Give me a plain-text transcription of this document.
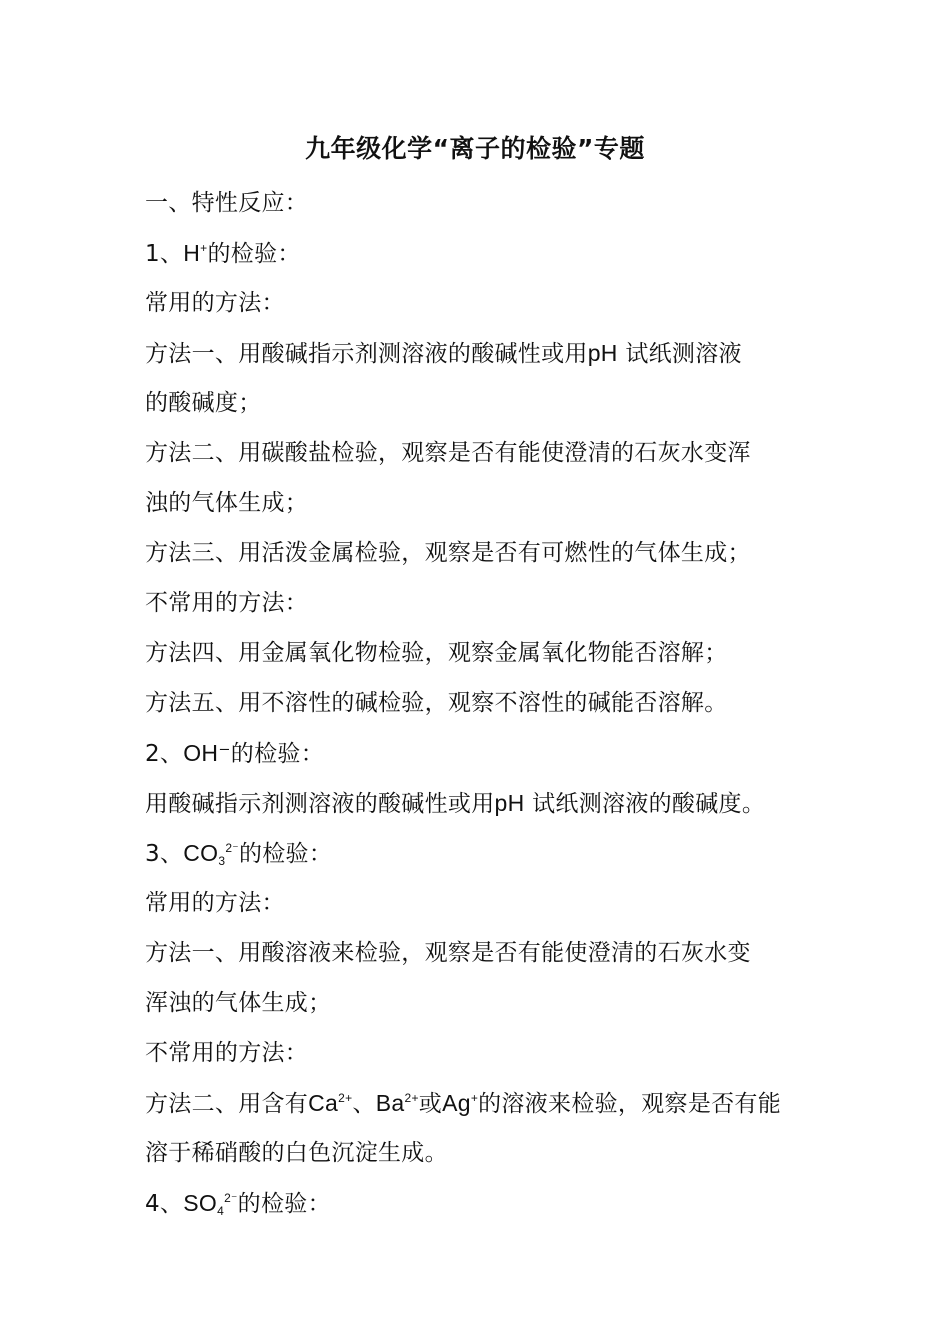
九年级化学“离子的检验”专题
一、特性反应：
1、H+的检验：
常用的方法：
方法一、用酸碱指示剂测溶液的酸碱性或用pH 试纸测溶液
的酸碱度；
方法二、用碳酸盐检验，观察是否有能使澄清的石灰水变浑
浊的气体生成；
方法三、用活泼金属检验，观察是否有可燃性的气体生成；
不常用的方法：
方法四、用金属氧化物检验，观察金属氧化物能否溶解；
方法五、用不溶性的碱检验，观察不溶性的碱能否溶解。
2、OH⁻的检验：
用酸碱指示剂测溶液的酸碱性或用pH 试纸测溶液的酸碱度。
3、$CO_3^{2^-}$的检验：
常用的方法：
方法一、用酸溶液来检验，观察是否有能使澄清的石灰水变
浑浊的气体生成；
不常用的方法：
方法二、用含有$Ca^{2+}$、$Ba^{2+}$或Ag+的溶液来检验，观察是否有能
溶于稀硝酸的白色沉淀生成。
4、$SO_4^{2^-}$的检验：
